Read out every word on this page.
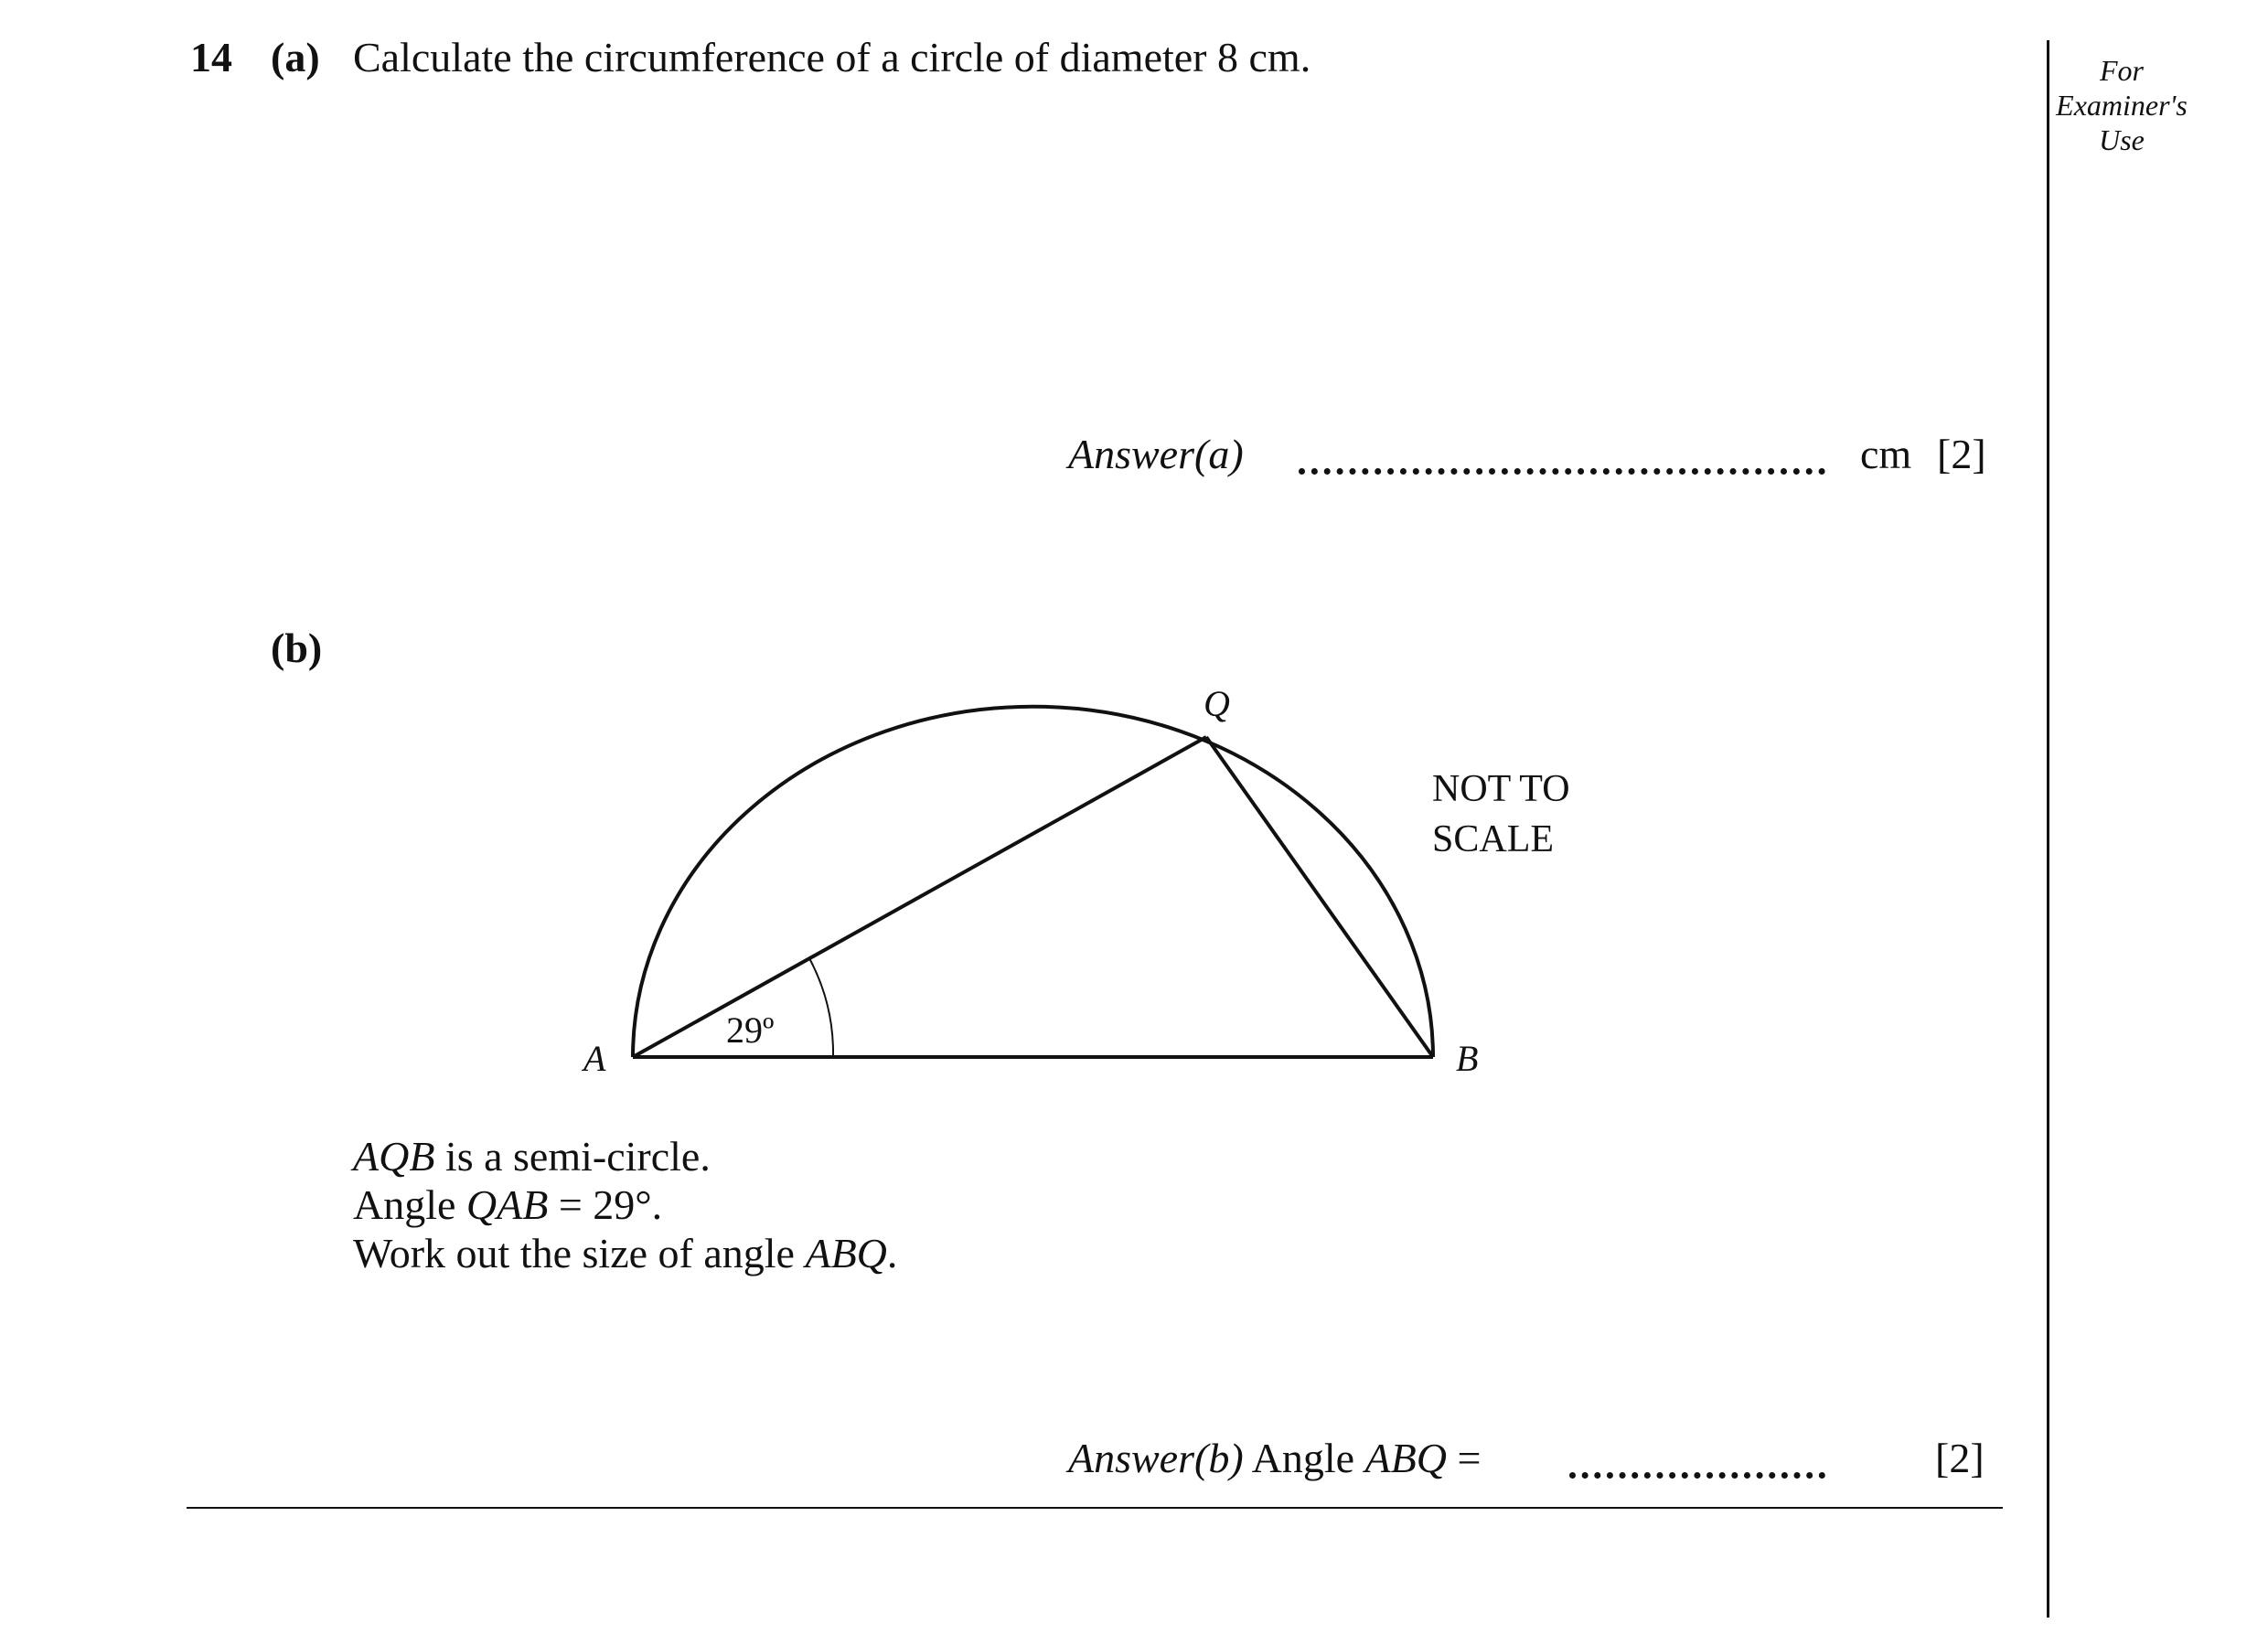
14 (a) Calculate the circumference of a circle of diameter 8 cm.
Answer(a)	cm [2]
(b)
A	B
Q
29º
NOT TO
SCALE
AQB is a semi-circle.
Angle QAB = 29°.
Work out the size of angle ABQ.
Answer(b) Angle ABQ =	[2]
For
Examiner's
Use
